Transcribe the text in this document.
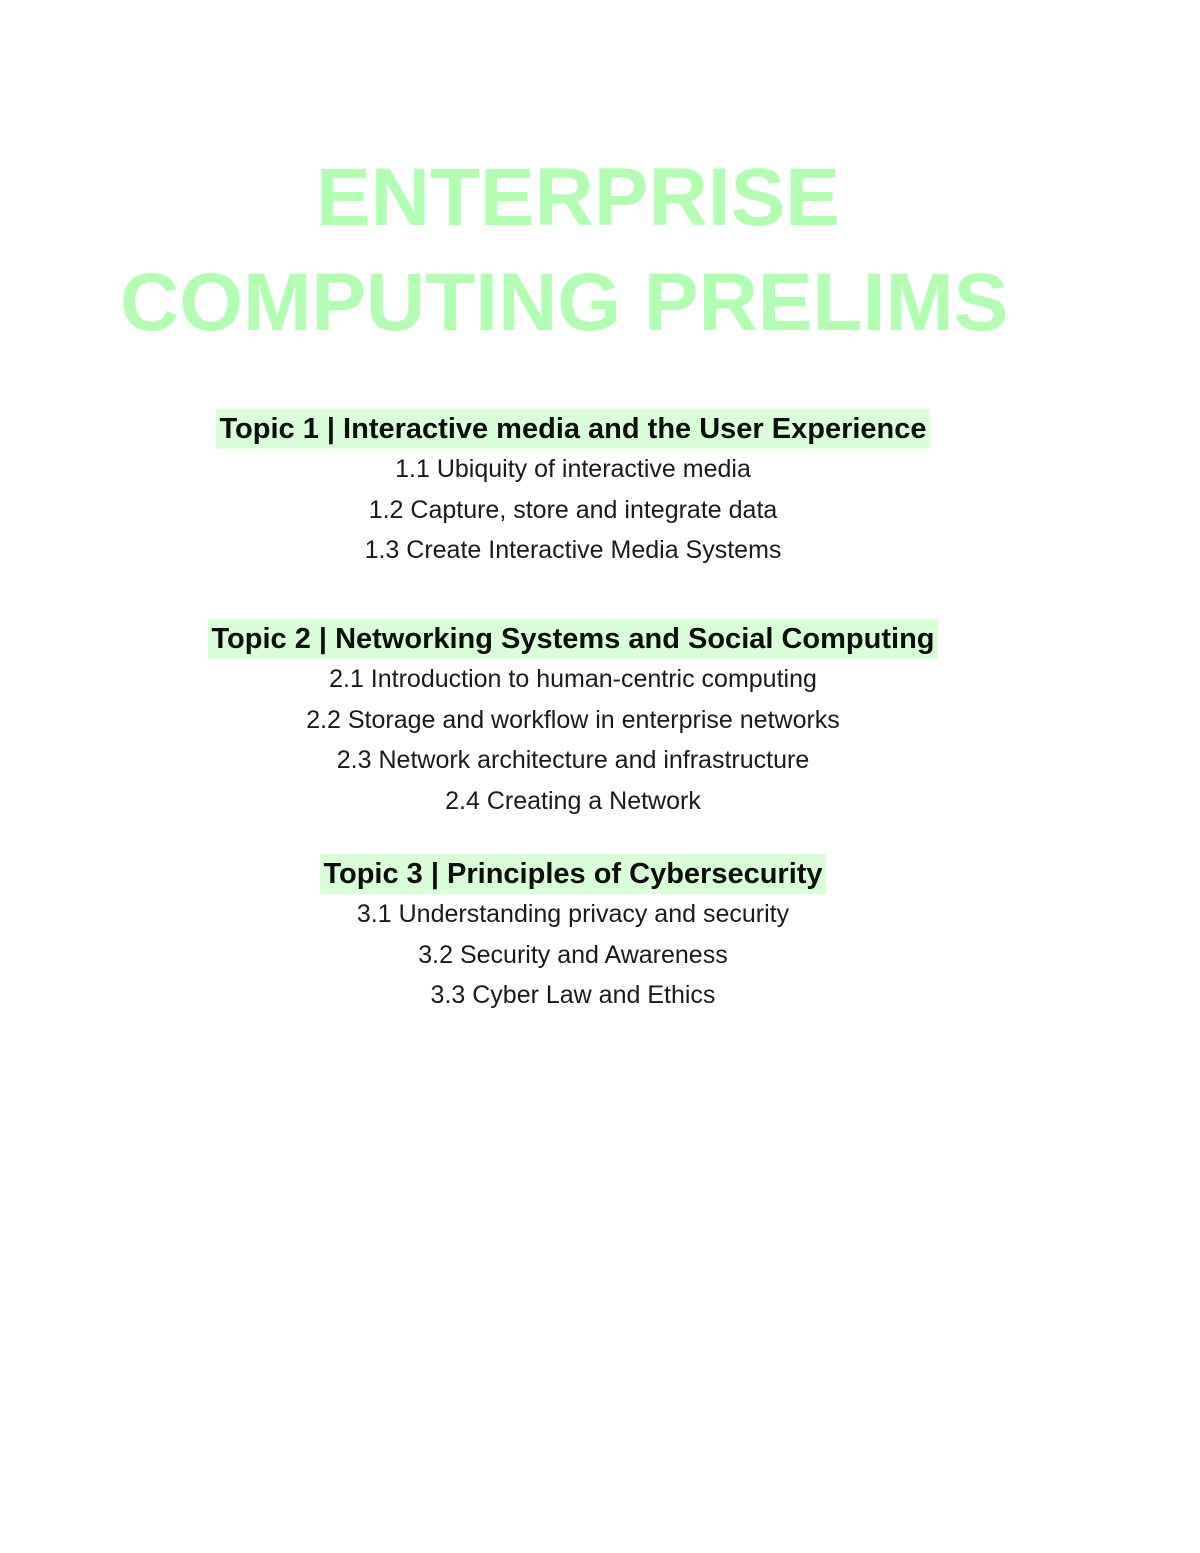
ENTERPRISE
COMPUTING PRELIMS
Topic 1 | Interactive media and the User Experience
1.1 Ubiquity of interactive media
1.2 Capture, store and integrate data
1.3 Create Interactive Media Systems
Topic 2 | Networking Systems and Social Computing
2.1 Introduction to human-centric computing
2.2 Storage and workflow in enterprise networks
2.3 Network architecture and infrastructure
2.4 Creating a Network
Topic 3 | Principles of Cybersecurity
3.1 Understanding privacy and security
3.2 Security and Awareness
3.3 Cyber Law and Ethics
